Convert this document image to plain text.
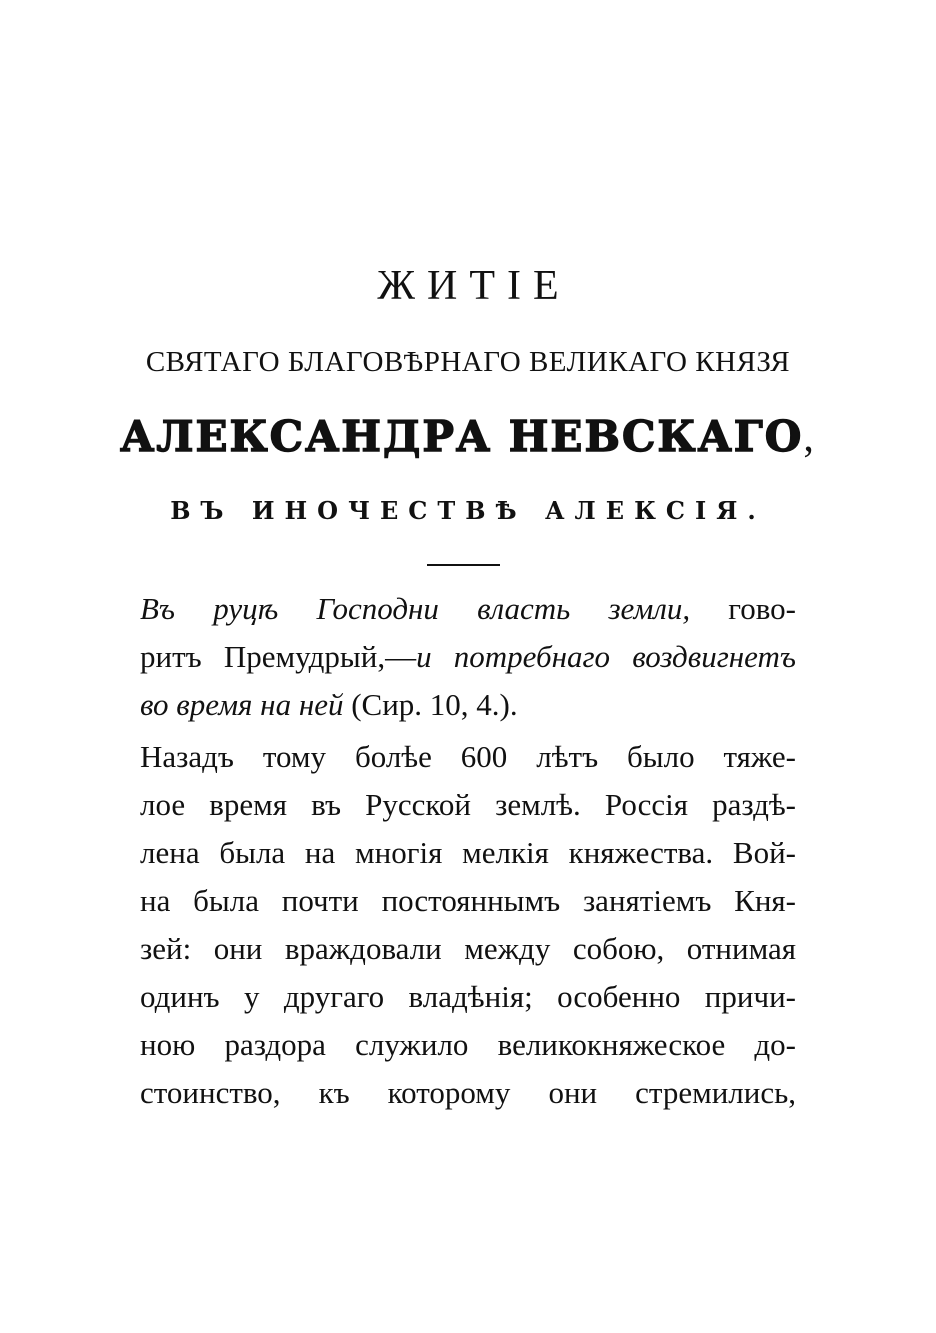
ЖИТІЕ
СВЯТАГО БЛАГОВѢРНАГО ВЕЛИКАГО КНЯЗЯ
АЛЕКСАНДРА НЕВСКАГО,
ВЪ ИНОЧЕСТВѢ АЛЕКСІЯ.
Въ руцѣ Господни власть земли, гово-
ритъ Премудрый,—и потребнаго воздвигнетъ
во время на ней (Сир. 10, 4.).
Назадъ тому болѣе 600 лѣтъ было тяже-
лое время въ Русской землѣ. Россія раздѣ-
лена была на многія мелкія княжества. Вой-
на была почти постояннымъ занятіемъ Кня-
зей: они враждовали между собою, отнимая
одинъ у другаго владѣнія; особенно причи-
ною раздора служило великокняжеское до-
стоинство, къ которому они стремились,
